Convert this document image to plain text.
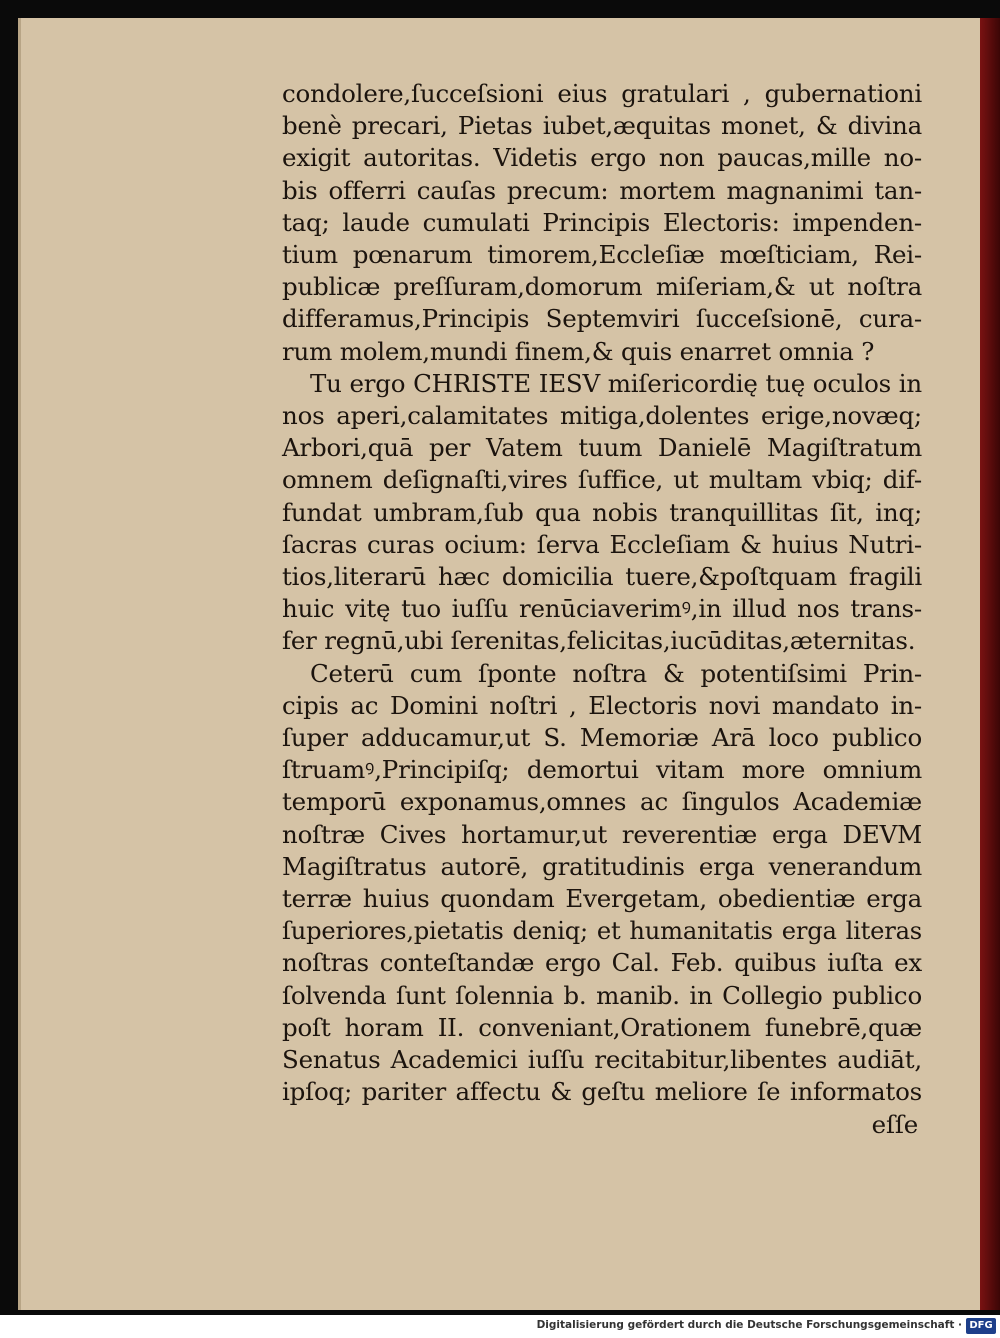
condolere,ſucceſsioni eius gratulari , gubernationi
benè precari, Pietas iubet,æquitas monet, & divina
exigit autoritas. Videtis ergo non paucas,mille no-
bis offerri cauſas precum: mortem magnanimi tan-
taq; laude cumulati Principis Electoris: impenden-
tium pœnarum timorem,Eccleſiæ mœſticiam, Rei-
publicæ preſſuram,domorum miſeriam,& ut noſtra
differamus,Principis Septemviri ſucceſsionē, cura-
rum molem,mundi finem,& quis enarret omnia ?
Tu ergo CHRISTE IESV miſericordię tuę oculos in
nos aperi,calamitates mitiga,dolentes erige,novæq;
Arbori,quā per Vatem tuum Danielē Magiſtratum
omnem deſignaſti,vires ſuffice, ut multam vbiq; dif-
fundat umbram,ſub qua nobis tranquillitas ſit, inq;
ſacras curas ocium: ſerva Eccleſiam & huius Nutri-
tios,literarū hæc domicilia tuere,&poſtquam fragili
huic vitę tuo iuſſu renūciaverimꝰ,in illud nos trans-
fer regnū,ubi ſerenitas,felicitas,iucūditas,æternitas.
Ceterū cum ſponte noſtra & potentiſsimi Prin-
cipis ac Domini noſtri , Electoris novi mandato in-
ſuper adducamur,ut S. Memoriæ Arā loco publico
ſtruamꝰ,Principiſq; demortui vitam more omnium
temporū exponamus,omnes ac ſingulos Academiæ
noſtræ Cives hortamur,ut reverentiæ erga DEVM
Magiſtratus autorē, gratitudinis erga venerandum
terræ huius quondam Evergetam, obedientiæ erga
ſuperiores,pietatis deniq; et humanitatis erga literas
noſtras conteſtandæ ergo Cal. Feb. quibus iuſta ex
ſolvenda ſunt ſolennia b. manib. in Collegio publico
poſt horam II. conveniant,Orationem funebrē,quæ
Senatus Academici iuſſu recitabitur,libentes audiāt,
ipſoq; pariter affectu & geſtu meliore ſe informatos
eſſe
Digitalisierung gefördert durch die Deutsche Forschungsgemeinschaft · DFG
